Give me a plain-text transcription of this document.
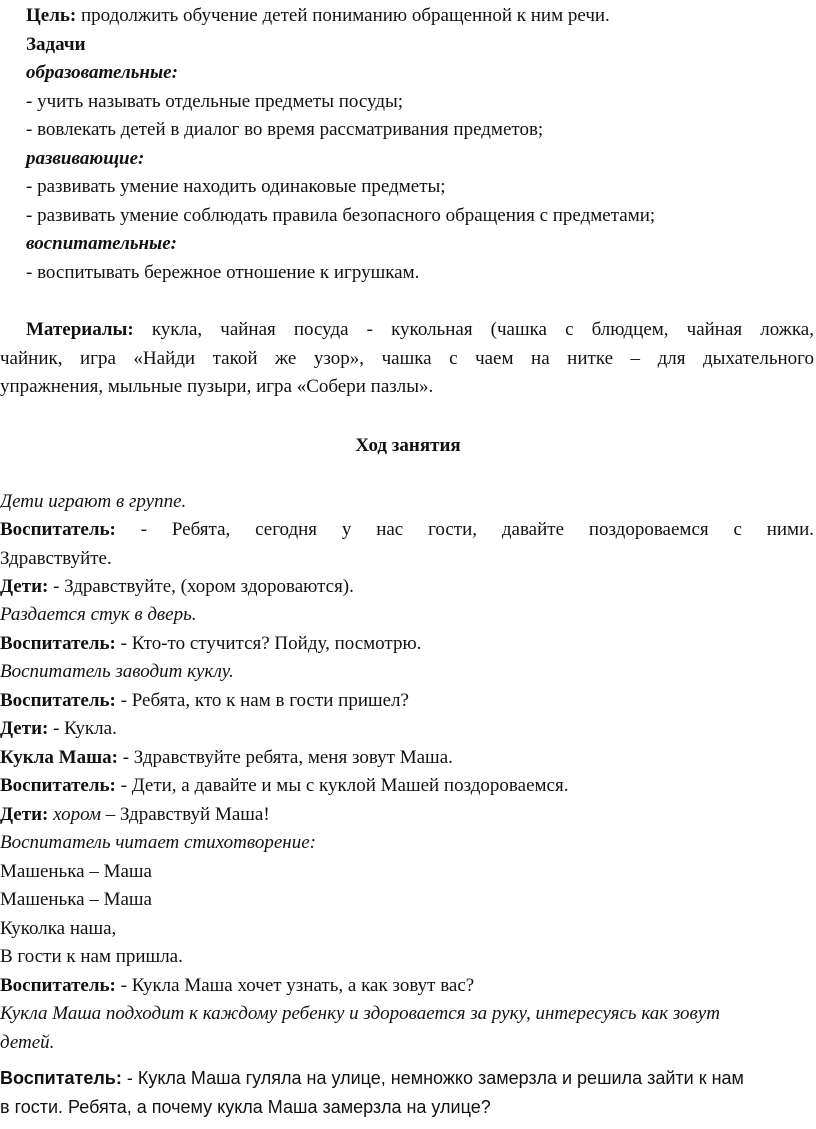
Цель: продолжить обучение детей пониманию обращенной к ним речи.
Задачи
образовательные:
- учить называть отдельные предметы посуды;
- вовлекать детей в диалог во время рассматривания предметов;
развивающие:
- развивать умение находить одинаковые предметы;
- развивать умение соблюдать правила безопасного обращения с предметами;
воспитательные:
- воспитывать бережное отношение к игрушкам.
Материалы: кукла, чайная посуда - кукольная (чашка с блюдцем, чайная ложка,
чайник, игра «Найди такой же узор», чашка с чаем на нитке – для дыхательного
упражнения, мыльные пузыри, игра «Собери пазлы».
Ход занятия
Дети играют в группе.
Воспитатель: - Ребята, сегодня у нас гости, давайте поздороваемся с ними.
Здравствуйте.
Дети: - Здравствуйте, (хором здороваются).
Раздается стук в дверь.
Воспитатель: - Кто-то стучится? Пойду, посмотрю.
Воспитатель заводит куклу.
Воспитатель: - Ребята, кто к нам в гости пришел?
Дети: - Кукла.
Кукла Маша: - Здравствуйте ребята, меня зовут Маша.
Воспитатель: - Дети, а давайте и мы с куклой Машей поздороваемся.
Дети: хором – Здравствуй Маша!
Воспитатель читает стихотворение:
Машенька – Маша
Машенька – Маша
Куколка наша,
В гости к нам пришла.
Воспитатель: - Кукла Маша хочет узнать, а как зовут вас?
Кукла Маша подходит к каждому ребенку и здоровается за руку, интересуясь как зовут
детей.
Воспитатель: - Кукла Маша гуляла на улице, немножко замерзла и решила зайти к нам
в гости. Ребята, а почему кукла Маша замерзла на улице?
